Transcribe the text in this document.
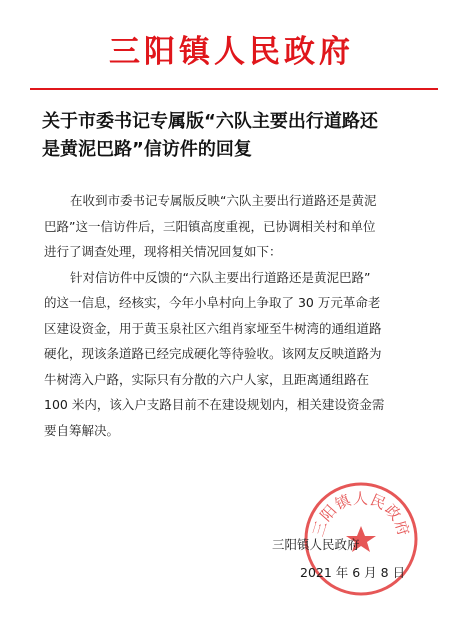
三阳镇人民政府
关于市委书记专属版“六队主要出行道路还
是黄泥巴路”信访件的回复
在收到市委书记专属版反映“六队主要出行道路还是黄泥
巴路”这一信访件后，三阳镇高度重视，已协调相关村和单位
进行了调查处理，现将相关情况回复如下：
针对信访件中反馈的“六队主要出行道路还是黄泥巴路”
的这一信息，经核实，今年小阜村向上争取了 30 万元革命老
区建设资金，用于黄玉泉社区六组肖家垭至牛树湾的通组道路
硬化，现该条道路已经完成硬化等待验收。该网友反映道路为
牛树湾入户路，实际只有分散的六户人家，且距离通组路在
100 米内，该入户支路目前不在建设规划内，相关建设资金需
要自筹解决。
三阳镇人民政府
三阳镇人民政府
2021 年 6 月 8 日
